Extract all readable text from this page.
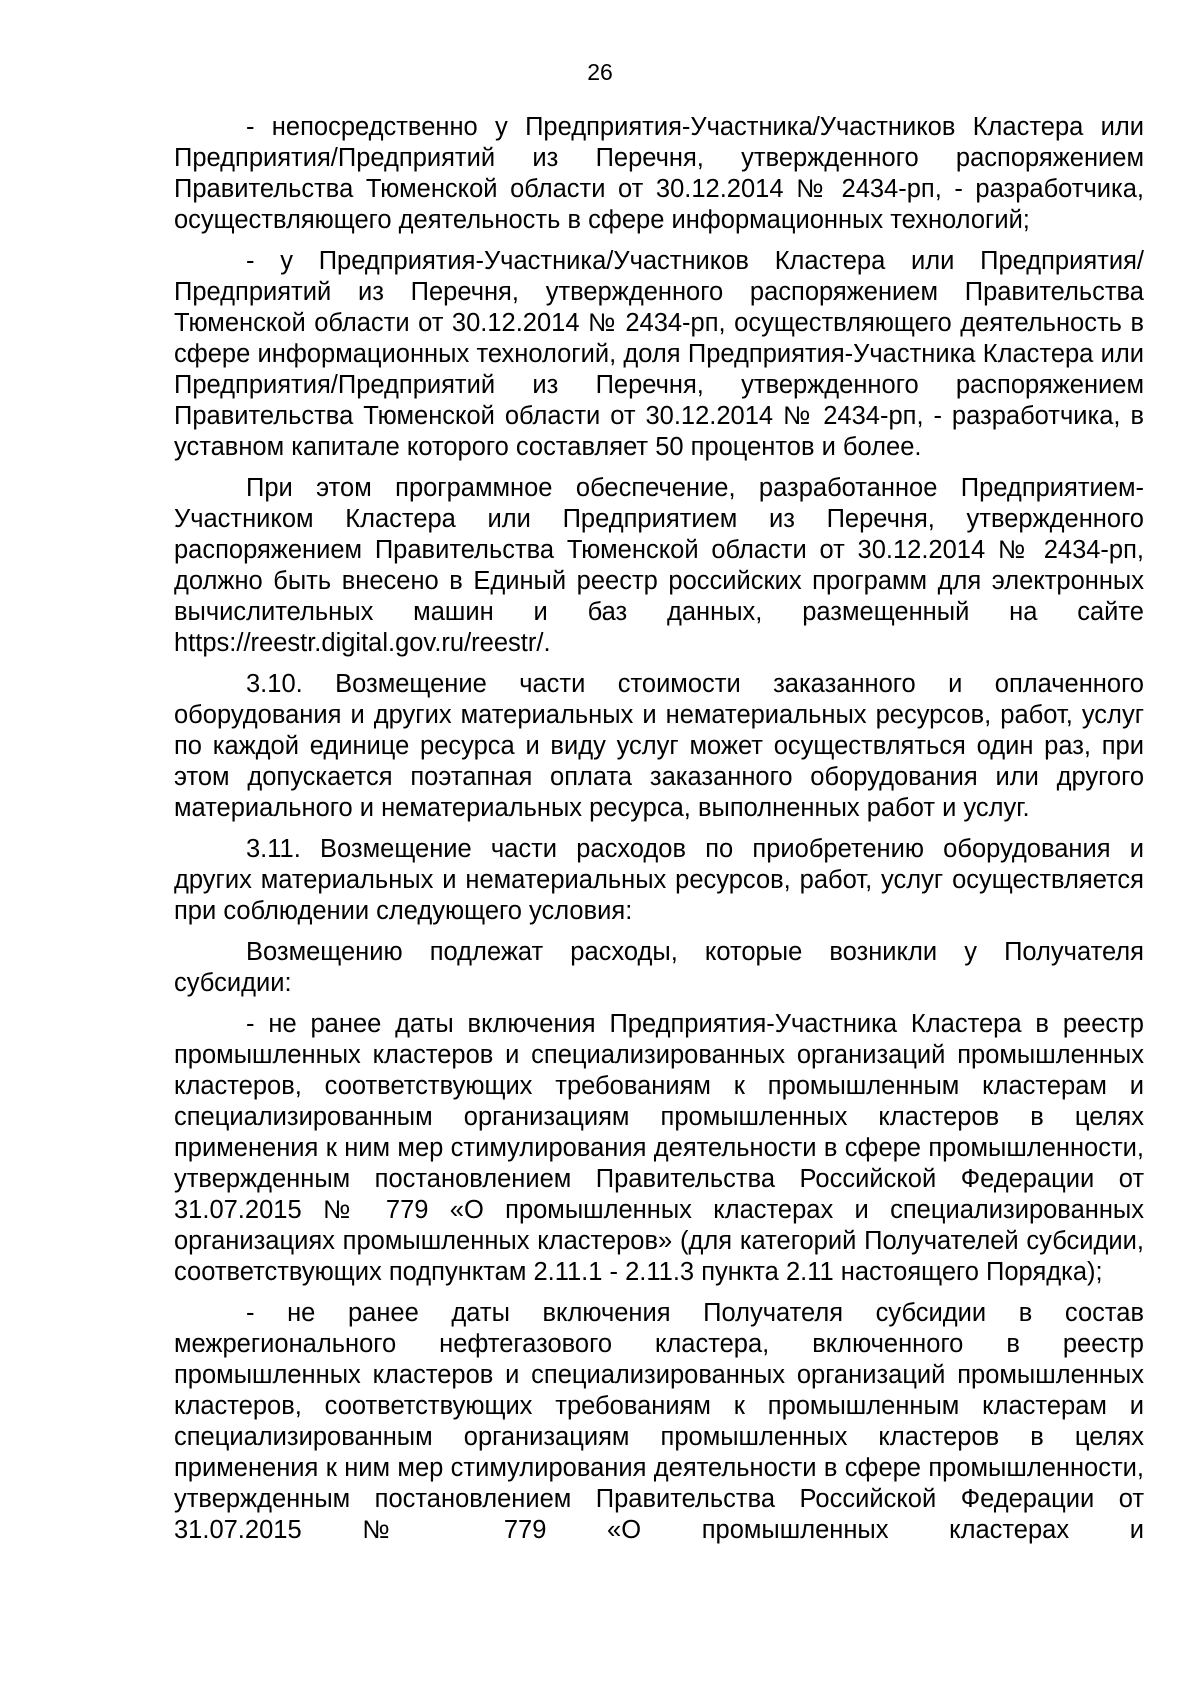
26

- непосредственно у Предприятия-Участника/Участников Кластера или Предприятия/Предприятий из Перечня, утвержденного распоряжением Правительства Тюменской области от 30.12.2014 № 2434-рп, - разработчика, осуществляющего деятельность в сфере информационных технологий;

- у Предприятия-Участника/Участников Кластера или Предприятия/Предприятий из Перечня, утвержденного распоряжением Правительства Тюменской области от 30.12.2014 № 2434-рп, осуществляющего деятельность в сфере информационных технологий, доля Предприятия-Участника Кластера или Предприятия/Предприятий из Перечня, утвержденного распоряжением Правительства Тюменской области от 30.12.2014 № 2434-рп, - разработчика, в уставном капитале которого составляет 50 процентов и более.

При этом программное обеспечение, разработанное Предприятием-Участником Кластера или Предприятием из Перечня, утвержденного распоряжением Правительства Тюменской области от 30.12.2014 № 2434-рп, должно быть внесено в Единый реестр российских программ для электронных вычислительных машин и баз данных, размещенный на сайте https://reestr.digital.gov.ru/reestr/.

3.10. Возмещение части стоимости заказанного и оплаченного оборудования и других материальных и нематериальных ресурсов, работ, услуг по каждой единице ресурса и виду услуг может осуществляться один раз, при этом допускается поэтапная оплата заказанного оборудования или другого материального и нематериальных ресурса, выполненных работ и услуг.

3.11. Возмещение части расходов по приобретению оборудования и других материальных и нематериальных ресурсов, работ, услуг осуществляется при соблюдении следующего условия:

Возмещению подлежат расходы, которые возникли у Получателя субсидии:

- не ранее даты включения Предприятия-Участника Кластера в реестр промышленных кластеров и специализированных организаций промышленных кластеров, соответствующих требованиям к промышленным кластерам и специализированным организациям промышленных кластеров в целях применения к ним мер стимулирования деятельности в сфере промышленности, утвержденным постановлением Правительства Российской Федерации от 31.07.2015 № 779 «О промышленных кластерах и специализированных организациях промышленных кластеров» (для категорий Получателей субсидии, соответствующих подпунктам 2.11.1 - 2.11.3 пункта 2.11 настоящего Порядка);

- не ранее даты включения Получателя субсидии в состав межрегионального нефтегазового кластера, включенного в реестр промышленных кластеров и специализированных организаций промышленных кластеров, соответствующих требованиям к промышленным кластерам и специализированным организациям промышленных кластеров в целях применения к ним мер стимулирования деятельности в сфере промышленности, утвержденным постановлением Правительства Российской Федерации от 31.07.2015 № 779 «О промышленных кластерах и
